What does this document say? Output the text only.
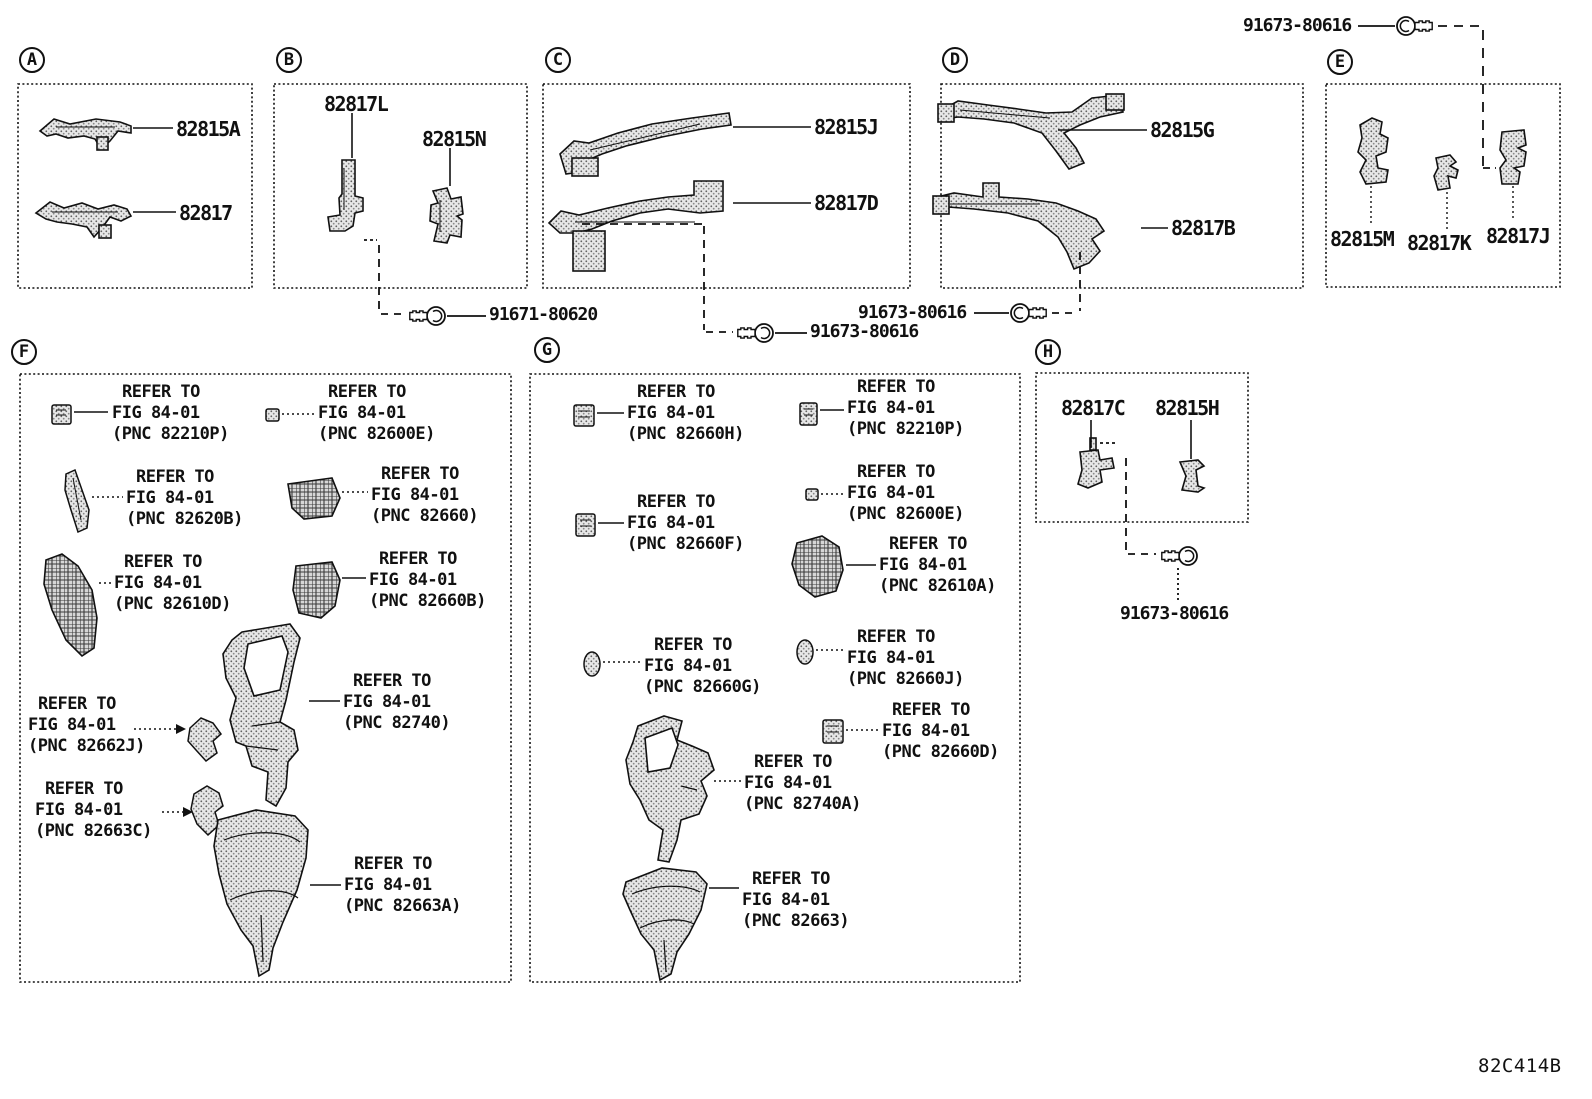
A	B	C	D	E
F	G	H
82815A
82817
82817L
82815N	82815J
82817D
82815G
82817B	82815M 82817K 82817J
82817C 82815H
91673-80616
91671-80620
91673-80616
91673-80616
91673-80616
REFER TO
FIG 84-01
(PNC 82210P)
REFER TO
FIG 84-01
(PNC 82600E)
REFER TO
FIG 84-01
(PNC 82620B)
REFER TO
FIG 84-01
(PNC 82660)
REFER TO
FIG 84-01
(PNC 82610D)
REFER TO
FIG 84-01
(PNC 82660B)
REFER TO
FIG 84-01
(PNC 82662J)
REFER TO
FIG 84-01
(PNC 82740)
REFER TO
FIG 84-01
(PNC 82663C)
REFER TO
FIG 84-01
(PNC 82663A)
REFER TO
FIG 84-01
(PNC 82660H)
REFER TO
FIG 84-01
(PNC 82210P)
REFER TO
FIG 84-01
(PNC 82660F)
REFER TO
FIG 84-01
(PNC 82600E)
REFER TO
FIG 84-01
(PNC 82610A)
REFER TO
FIG 84-01
(PNC 82660G)
REFER TO
FIG 84-01
(PNC 82660J)
REFER TO
FIG 84-01
(PNC 82660D)
REFER TO
FIG 84-01
(PNC 82740A)
REFER TO
FIG 84-01
(PNC 82663)
82C414B
